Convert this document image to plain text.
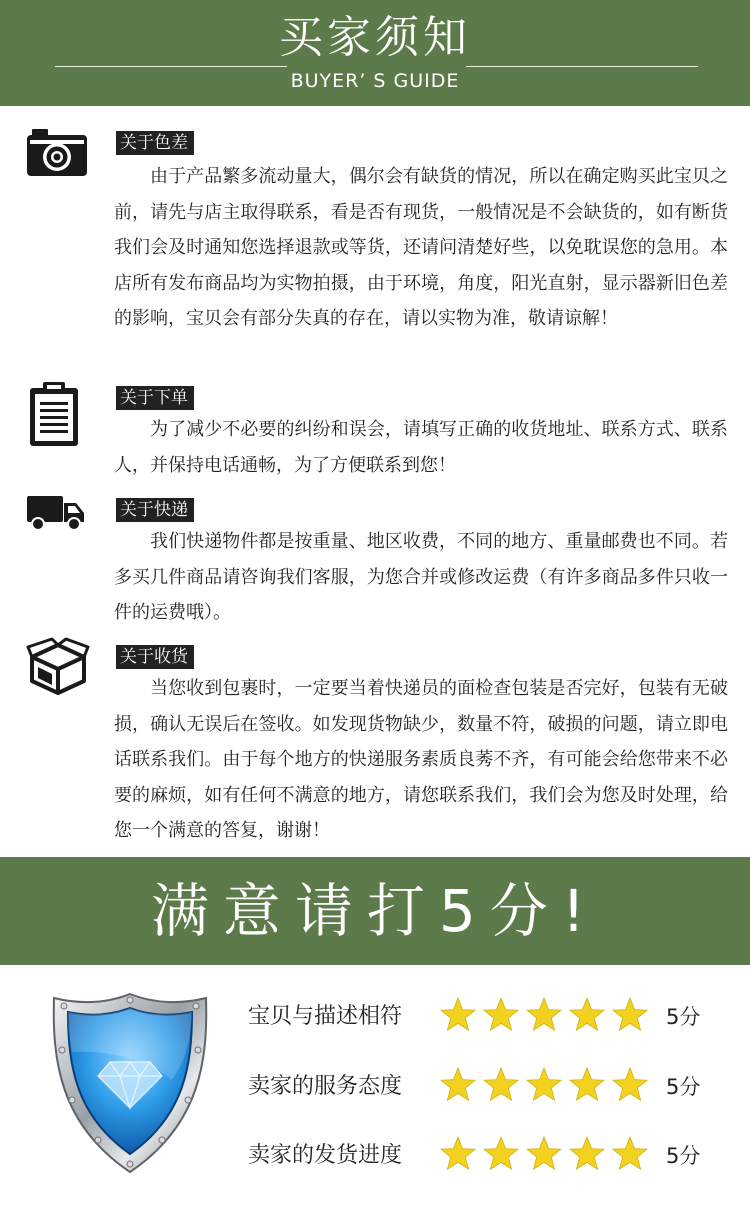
买家须知
BUYER’ S GUIDE
关于色差
由于产品繁多流动量大，偶尔会有缺货的情况，所以在确定购买此宝贝之前，请先与店主取得联系，看是否有现货，一般情况是不会缺货的，如有断货我们会及时通知您选择退款或等货，还请问清楚好些，以免耽误您的急用。本店所有发布商品均为实物拍摄，由于环境，角度，阳光直射，显示器新旧色差的影响，宝贝会有部分失真的存在，请以实物为准，敬请谅解！
关于下单
为了减少不必要的纠纷和误会，请填写正确的收货地址、联系方式、联系人，并保持电话通畅，为了方便联系到您！
关于快递
我们快递物件都是按重量、地区收费，不同的地方、重量邮费也不同。若多买几件商品请咨询我们客服，为您合并或修改运费（有许多商品多件只收一件的运费哦）。
关于收货
当您收到包裹时，一定要当着快递员的面检查包装是否完好，包装有无破损，确认无误后在签收。如发现货物缺少，数量不符，破损的问题，请立即电话联系我们。由于每个地方的快递服务素质良莠不齐，有可能会给您带来不必要的麻烦，如有任何不满意的地方，请您联系我们，我们会为您及时处理，给您一个满意的答复，谢谢！
满意请打5分!
宝贝与描述相符	5分
卖家的服务态度	5分
卖家的发货进度	5分
